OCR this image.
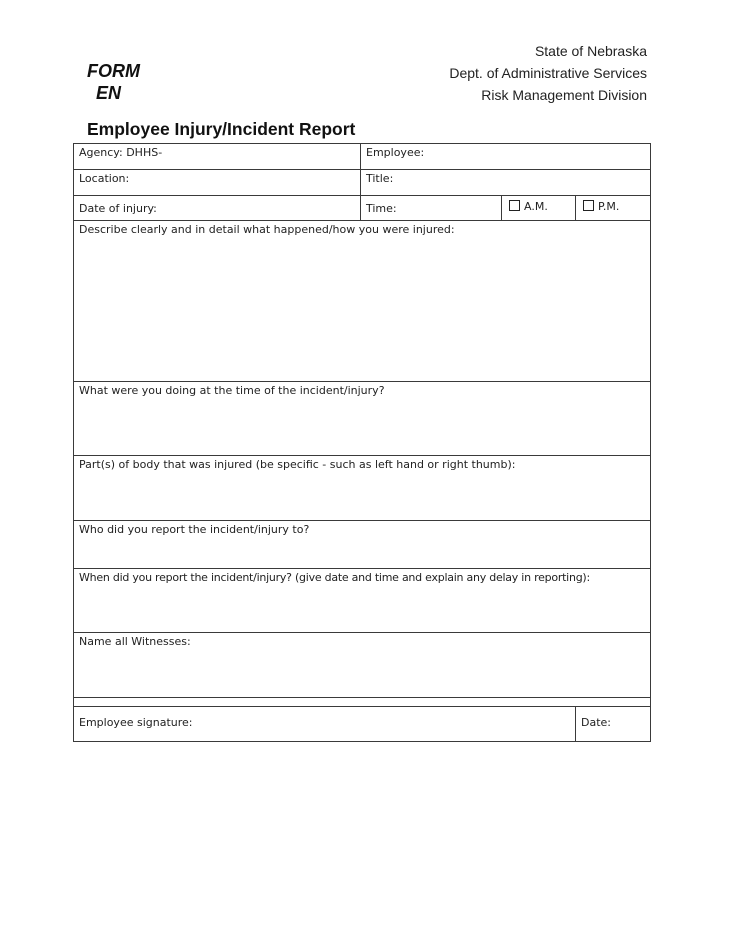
FORM
EN
State of Nebraska
Dept. of Administrative Services
Risk Management Division
Employee Injury/Incident Report
Agency: DHHS-	Employee:		
Location:	Title:		
Date of injury:	Time:	A.M.	P.M.
Describe clearly and in detail what happened/how you were injured:			
What were you doing at the time of the incident/injury?			
Part(s) of body that was injured (be specific - such as left hand or right thumb):			
Who did you report the incident/injury to?			
When did you report the incident/injury? (give date and time and explain any delay in reporting):			
Name all Witnesses:			

Employee signature:			Date:
